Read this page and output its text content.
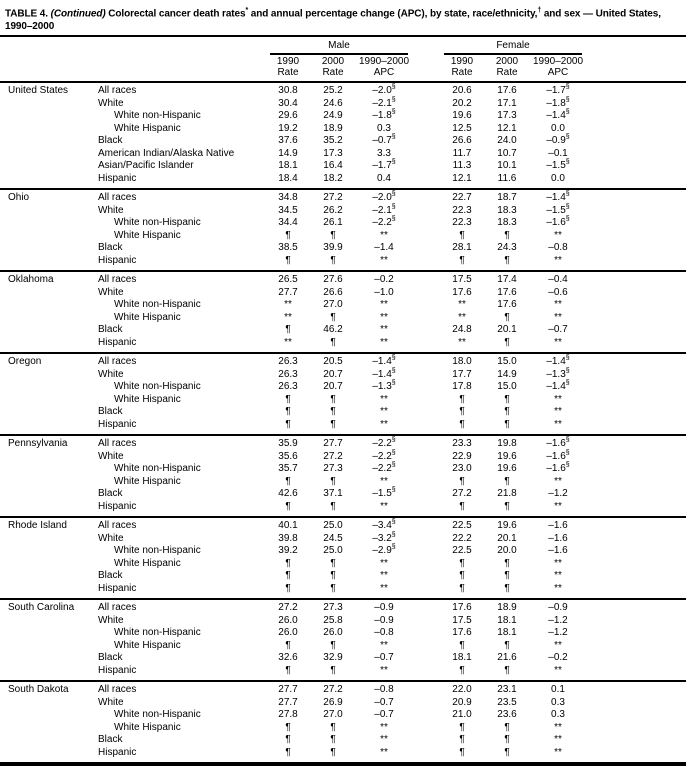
TABLE 4. (Continued) Colorectal cancer death rates* and annual percentage change (APC), by state, race/ethnicity,† and sex — United States, 1990–2000
Male	Female
1990
Rate
2000
Rate
1990–2000
APC
1990
Rate
2000
Rate
1990–2000
APC
United States	All races	30.8	25.2	–2.0§	20.6	17.6	–1.7§
White	30.4	24.6	–2.1§	20.2	17.1	–1.8§
White non-Hispanic	29.6	24.9	–1.8§	19.6	17.3	–1.4§
White Hispanic	19.2	18.9	0.3	12.5	12.1	0.0
Black	37.6	35.2	–0.7§	26.6	24.0	–0.9§
American Indian/Alaska Native	14.9	17.3	3.3	11.7	10.7	–0.1
Asian/Pacific Islander	18.1	16.4	–1.7§	11.3	10.1	–1.5§
Hispanic	18.4	18.2	0.4	12.1	11.6	0.0
Ohio	All races	34.8	27.2	–2.0§	22.7	18.7	–1.4§
White	34.5	26.2	–2.1§	22.3	18.3	–1.5§
White non-Hispanic	34.4	26.1	–2.2§	22.3	18.3	–1.6§
White Hispanic	¶	¶	**	¶	¶	**
Black	38.5	39.9	–1.4	28.1	24.3	–0.8
Hispanic	¶	¶	**	¶	¶	**
Oklahoma	All races	26.5	27.6	–0.2	17.5	17.4	–0.4
White	27.7	26.6	–1.0	17.6	17.6	–0.6
White non-Hispanic	**	27.0	**	**	17.6	**
White Hispanic	**	¶	**	**	¶	**
Black	¶	46.2	**	24.8	20.1	–0.7
Hispanic	**	¶	**	**	¶	**
Oregon	All races	26.3	20.5	–1.4§	18.0	15.0	–1.4§
White	26.3	20.7	–1.4§	17.7	14.9	–1.3§
White non-Hispanic	26.3	20.7	–1.3§	17.8	15.0	–1.4§
White Hispanic	¶	¶	**	¶	¶	**
Black	¶	¶	**	¶	¶	**
Hispanic	¶	¶	**	¶	¶	**
Pennsylvania	All races	35.9	27.7	–2.2§	23.3	19.8	–1.6§
White	35.6	27.2	–2.2§	22.9	19.6	–1.6§
White non-Hispanic	35.7	27.3	–2.2§	23.0	19.6	–1.6§
White Hispanic	¶	¶	**	¶	¶	**
Black	42.6	37.1	–1.5§	27.2	21.8	–1.2
Hispanic	¶	¶	**	¶	¶	**
Rhode Island	All races	40.1	25.0	–3.4§	22.5	19.6	–1.6
White	39.8	24.5	–3.2§	22.2	20.1	–1.6
White non-Hispanic	39.2	25.0	–2.9§	22.5	20.0	–1.6
White Hispanic	¶	¶	**	¶	¶	**
Black	¶	¶	**	¶	¶	**
Hispanic	¶	¶	**	¶	¶	**
South Carolina	All races	27.2	27.3	–0.9	17.6	18.9	–0.9
White	26.0	25.8	–0.9	17.5	18.1	–1.2
White non-Hispanic	26.0	26.0	–0.8	17.6	18.1	–1.2
White Hispanic	¶	¶	**	¶	¶	**
Black	32.6	32.9	–0.7	18.1	21.6	–0.2
Hispanic	¶	¶	**	¶	¶	**
South Dakota	All races	27.7	27.2	–0.8	22.0	23.1	0.1
White	27.7	26.9	–0.7	20.9	23.5	0.3
White non-Hispanic	27.8	27.0	–0.7	21.0	23.6	0.3
White Hispanic	¶	¶	**	¶	¶	**
Black	¶	¶	**	¶	¶	**
Hispanic	¶	¶	**	¶	¶	**
